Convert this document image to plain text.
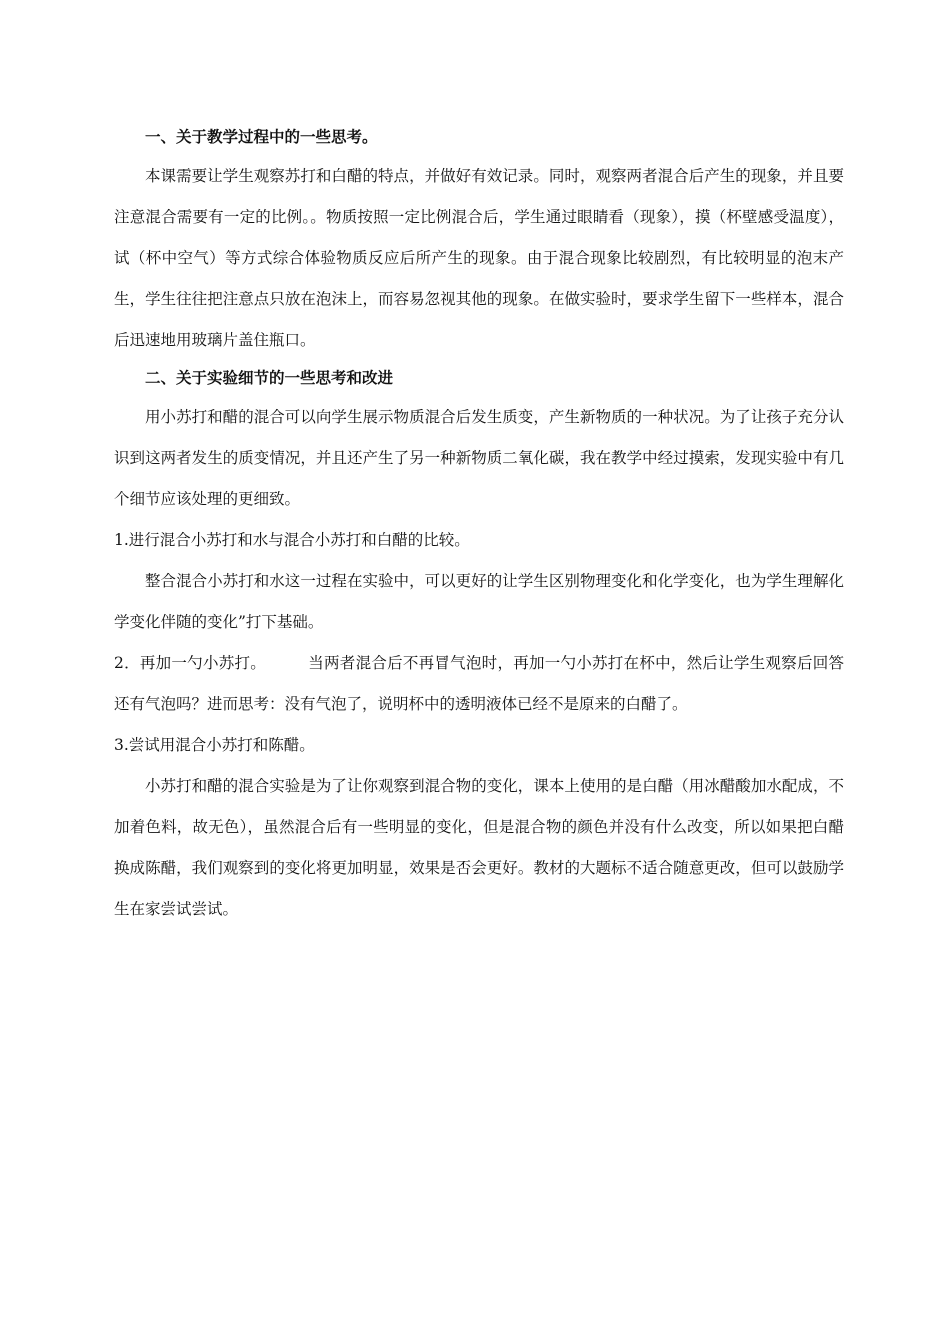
一、关于教学过程中的一些思考。

本课需要让学生观察苏打和白醋的特点，并做好有效记录。同时，观察两者混合后产生的现象，并且要注意混合需要有一定的比例。。物质按照一定比例混合后，学生通过眼睛看（现象），摸（杯壁感受温度），试（杯中空气）等方式综合体验物质反应后所产生的现象。由于混合现象比较剧烈，有比较明显的泡末产生，学生往往把注意点只放在泡沫上，而容易忽视其他的现象。在做实验时，要求学生留下一些样本，混合后迅速地用玻璃片盖住瓶口。

二、关于实验细节的一些思考和改进

用小苏打和醋的混合可以向学生展示物质混合后发生质变，产生新物质的一种状况。为了让孩子充分认识到这两者发生的质变情况，并且还产生了另一种新物质二氧化碳，我在教学中经过摸索，发现实验中有几个细节应该处理的更细致。

1.进行混合小苏打和水与混合小苏打和白醋的比较。

整合混合小苏打和水这一过程在实验中，可以更好的让学生区别物理变化和化学变化，也为学生理解化学变化伴随的变化”打下基础。

2．再加一勺小苏打。	当两者混合后不再冒气泡时，再加一勺小苏打在杯中，然后让学生观察后回答还有气泡吗？进而思考：没有气泡了，说明杯中的透明液体已经不是原来的白醋了。

3.尝试用混合小苏打和陈醋。

小苏打和醋的混合实验是为了让你观察到混合物的变化，课本上使用的是白醋（用冰醋酸加水配成，不加着色料，故无色），虽然混合后有一些明显的变化，但是混合物的颜色并没有什么改变，所以如果把白醋换成陈醋，我们观察到的变化将更加明显，效果是否会更好。教材的大题标不适合随意更改，但可以鼓励学生在家尝试尝试。
